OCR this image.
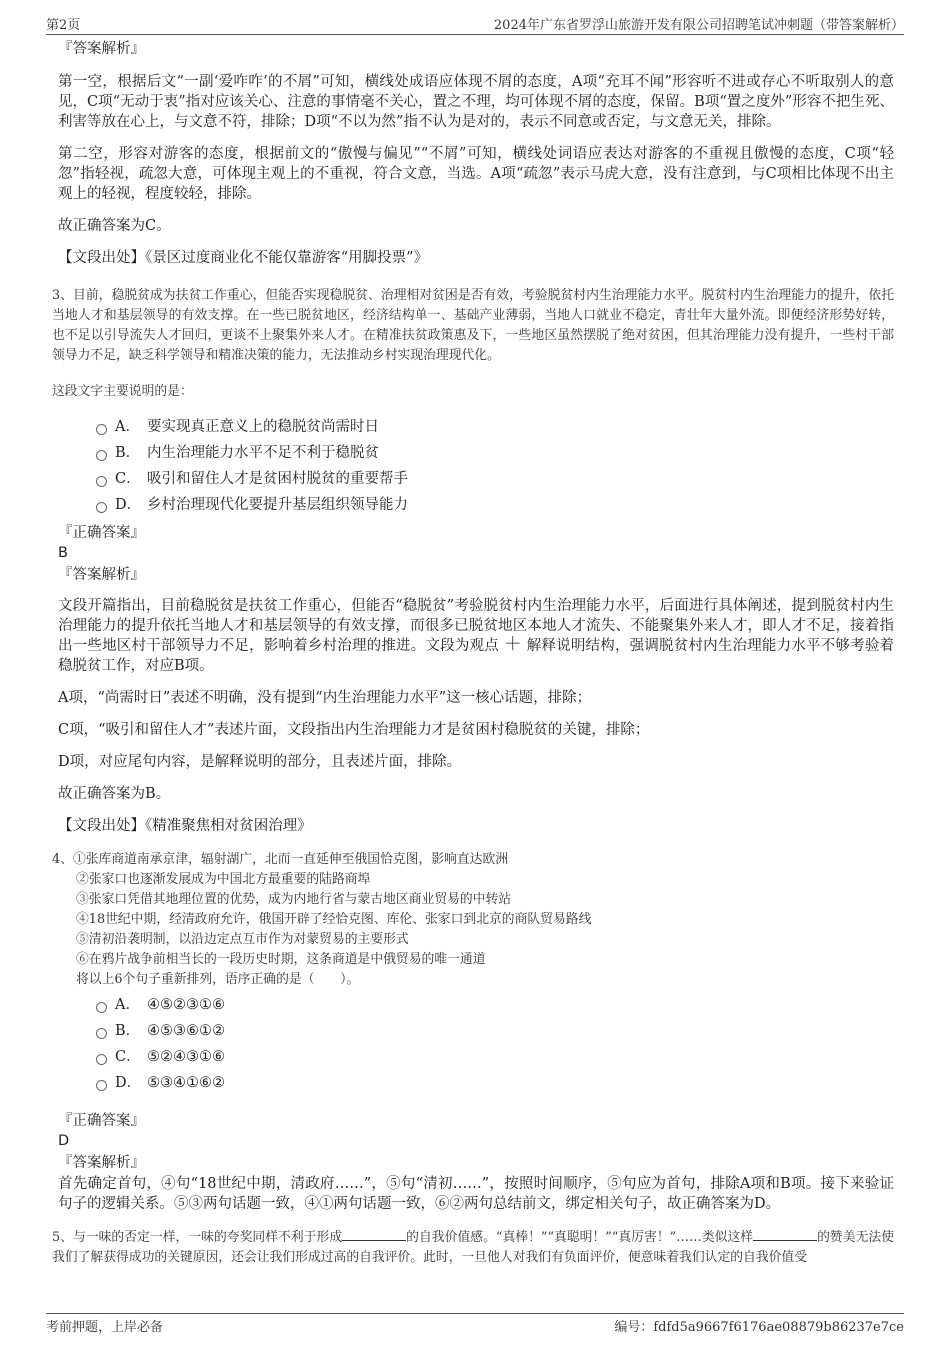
第2页	2024年广东省罗浮山旅游开发有限公司招聘笔试冲刺题（带答案解析）

『答案解析』

第一空，根据后文“一副‘爱咋咋’的不屑”可知，横线处成语应体现不屑的态度，A项“充耳不闻”形容听不进或存心不听取别人的意见，C项“无动于衷”指对应该关心、注意的事情毫不关心，置之不理，均可体现不屑的态度，保留。B项“置之度外”形容不把生死、利害等放在心上，与文意不符，排除；D项“不以为然”指不认为是对的，表示不同意或否定，与文意无关，排除。

第二空，形容对游客的态度，根据前文的“傲慢与偏见”“不屑”可知，横线处词语应表达对游客的不重视且傲慢的态度，C项“轻忽”指轻视，疏忽大意，可体现主观上的不重视，符合文意，当选。A项“疏忽”表示马虎大意，没有注意到，与C项相比体现不出主观上的轻视，程度较轻，排除。

故正确答案为C。

【文段出处】《景区过度商业化不能仅靠游客“用脚投票”》

3、目前，稳脱贫成为扶贫工作重心，但能否实现稳脱贫、治理相对贫困是否有效，考验脱贫村内生治理能力水平。脱贫村内生治理能力的提升，依托当地人才和基层领导的有效支撑。在一些已脱贫地区，经济结构单一、基础产业薄弱，当地人口就业不稳定，青壮年大量外流。即便经济形势好转，也不足以引导流失人才回归，更谈不上聚集外来人才。在精准扶贫政策惠及下，一些地区虽然摆脱了绝对贫困，但其治理能力没有提升，一些村干部领导力不足，缺乏科学领导和精准决策的能力，无法推动乡村实现治理现代化。

这段文字主要说明的是：

A． 要实现真正意义上的稳脱贫尚需时日
B． 内生治理能力水平不足不利于稳脱贫
C． 吸引和留住人才是贫困村脱贫的重要帮手
D． 乡村治理现代化要提升基层组织领导能力

『正确答案』

B

『答案解析』

文段开篇指出，目前稳脱贫是扶贫工作重心，但能否“稳脱贫”考验脱贫村内生治理能力水平，后面进行具体阐述，提到脱贫村内生治理能力的提升依托当地人才和基层领导的有效支撑，而很多已脱贫地区本地人才流失、不能聚集外来人才，即人才不足，接着指出一些地区村干部领导力不足，影响着乡村治理的推进。文段为观点 ＋ 解释说明结构，强调脱贫村内生治理能力水平不够考验着稳脱贫工作，对应B项。

A项，“尚需时日”表述不明确，没有提到“内生治理能力水平”这一核心话题，排除；

C项，“吸引和留住人才”表述片面，文段指出内生治理能力才是贫困村稳脱贫的关键，排除；

D项，对应尾句内容，是解释说明的部分，且表述片面，排除。

故正确答案为B。

【文段出处】《精准聚焦相对贫困治理》

4、①张库商道南承京津，辐射湖广，北而一直延伸至俄国恰克图，影响直达欧洲

②张家口也逐渐发展成为中国北方最重要的陆路商埠

③张家口凭借其地理位置的优势，成为内地行省与蒙古地区商业贸易的中转站

④18世纪中期，经清政府允许，俄国开辟了经恰克图、库伦、张家口到北京的商队贸易路线

⑤清初沿袭明制，以沿边定点互市作为对蒙贸易的主要形式

⑥在鸦片战争前相当长的一段历史时期，这条商道是中俄贸易的唯一通道

将以上6个句子重新排列，语序正确的是（　　）。

A． ④⑤②③①⑥
B． ④⑤③⑥①②
C． ⑤②④③①⑥
D． ⑤③④①⑥②

『正确答案』

D

『答案解析』

首先确定首句，④句“18世纪中期，清政府……”，⑤句“清初……”，按照时间顺序，⑤句应为首句，排除A项和B项。接下来验证句子的逻辑关系。⑤③两句话题一致，④①两句话题一致，⑥②两句总结前文，绑定相关句子，故正确答案为D。

5、与一味的否定一样，一味的夸奖同样不利于形成	的自我价值感。“真棒！”“真聪明！”“真厉害！”……类似这样	的赞美无法使我们了解获得成功的关键原因，还会让我们形成过高的自我评价。此时，一旦他人对我们有负面评价，便意味着我们认定的自我价值受

考前押题，上岸必备	编号：fdfd5a9667f6176ae08879b86237e7ce
